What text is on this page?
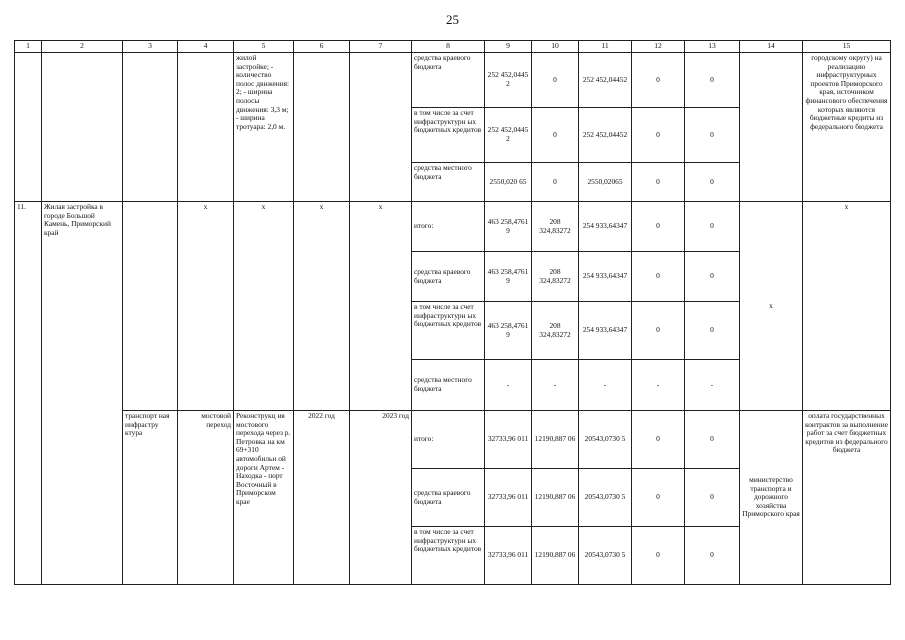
25
1	2	3	4	5	6	7	8	9	10	11	12	13	14	15
				жилой застройке; - количество полос движения: 2; - ширина полосы движения: 3,3 м; - ширина тротуара: 2,0 м.			средства краевого бюджета	252 452,0445 2	0	252 452,04452	0	0		городскому округу) на реализацию инфраструктурных проектов Приморского края, источником финансового обеспечения которых являются бюджетные кредиты из федерального бюджета
							в том числе за счет инфраструктурн ых бюджетных кредитов	252 452,0445 2	0	252 452,04452	0	0		
							средства местного бюджета	2550,020 65	0	2550,02065	0	0		
11.	Жилая застройка в городе Большой Камень, Приморский край		х	х	х	х	итого:	463 258,4761 9	208 324,83272	254 933,64347	0	0	х	х
							средства краевого бюджета	463 258,4761 9	208 324,83272	254 933,64347	0	0		
							в том числе за счет инфраструктурн ых бюджетных кредитов	463 258,4761 9	208 324,83272	254 933,64347	0	0		
							средства местного бюджета	-	-	-	-	-		
		транспорт ная инфрастру ктура	мостовой переход	Реконструкц ия мостового перехода через р. Петровка на км 69+310 автомобильн ой дороги Артем - Находка - порт Восточный в Приморском крае	2022 год	2023 год	итого:	32733,96 011	12190,887 06	20543,0730 5	0	0	министерство транспорта и дорожного хозяйства Приморского края	оплата государственных контрактов за выполнение работ за счет бюджетных кредитов из федерального бюджета
							средства краевого бюджета	32733,96 011	12190,887 06	20543,0730 5	0	0		
							в том числе за счет инфраструктурн ых бюджетных кредитов	32733,96 011	12190,887 06	20543,0730 5	0	0		
